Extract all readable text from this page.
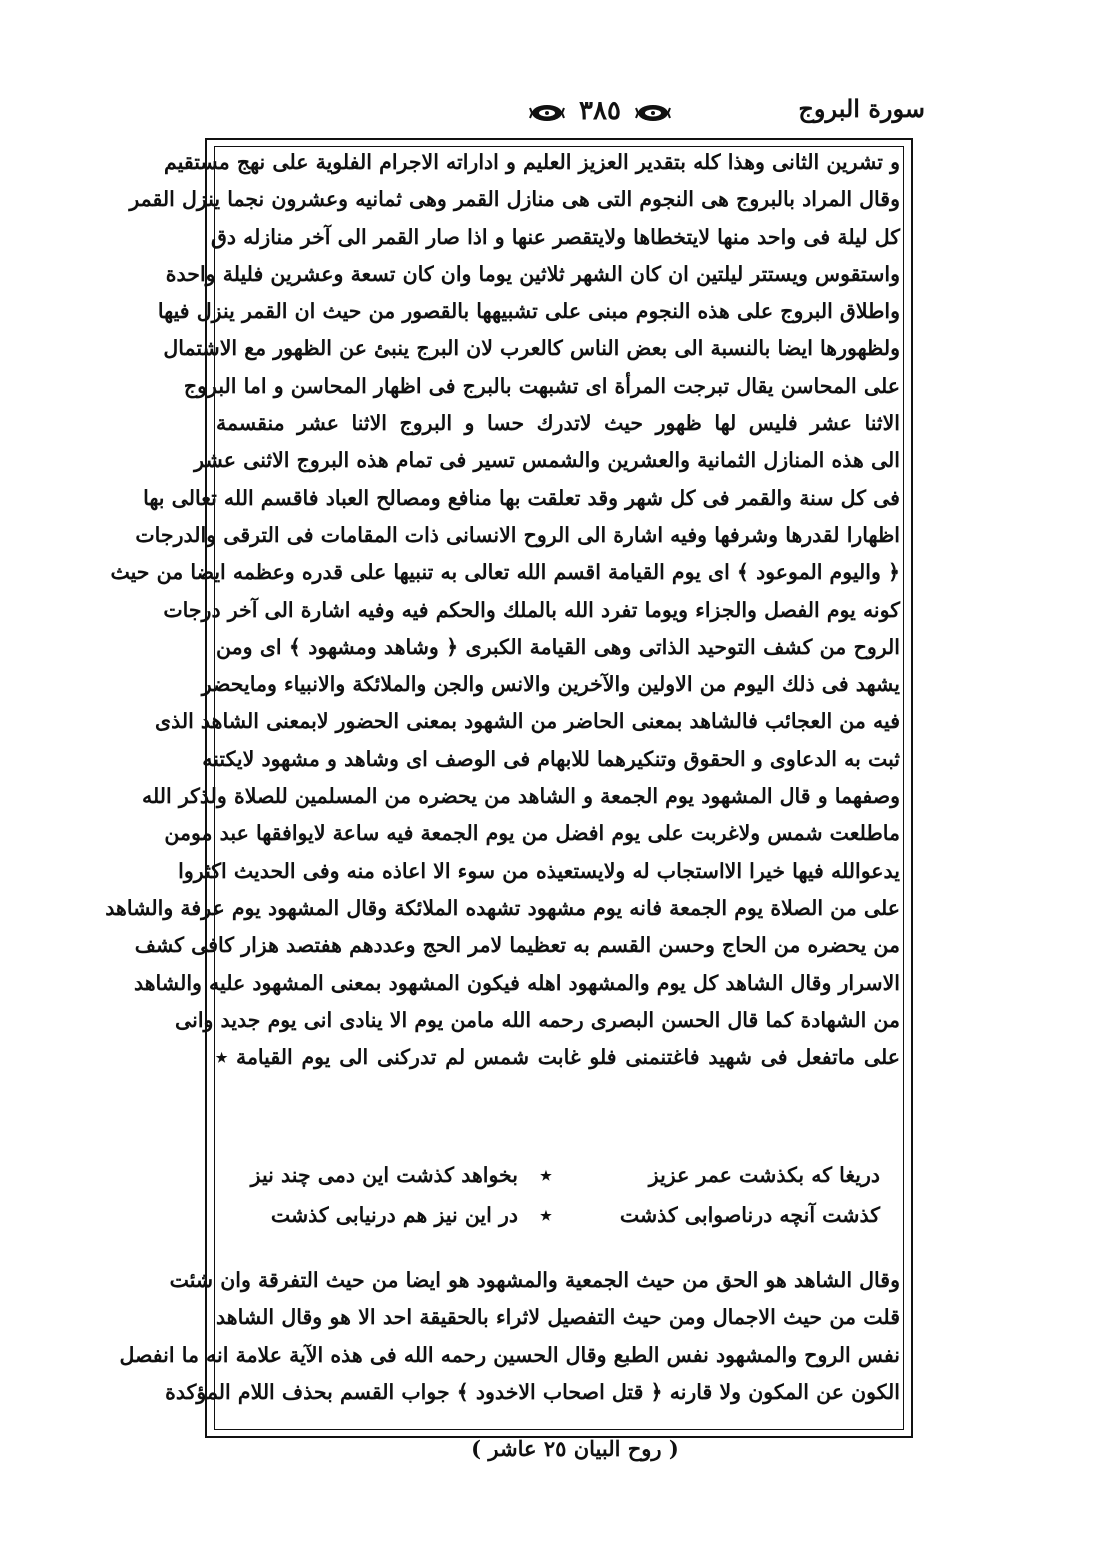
سورة البروج
٣٨٥
و تشرين الثانى وهذا كله بتقدير العزيز العليم و اداراته الاجرام الفلوية على نهج مستقيم
وقال المراد بالبروج هى النجوم التى هى منازل القمر وهى ثمانيه وعشرون نجما ينزل القمر
كل ليلة فى واحد منها لايتخطاها ولايتقصر عنها و اذا صار القمر الى آخر منازله دق
واستقوس ويستتر ليلتين ان كان الشهر ثلاثين يوما وان كان تسعة وعشرين فليلة واحدة
واطلاق البروج على هذه النجوم مبنى على تشبيهها بالقصور من حيث ان القمر ينزل فيها
ولظهورها ايضا بالنسبة الى بعض الناس كالعرب لان البرج ينبئ عن الظهور مع الاشتمال
على المحاسن يقال تبرجت المرأة اى تشبهت بالبرج فى اظهار المحاسن و اما البروج
الاثنا عشر فليس لها ظهور حيث لاتدرك حسا و البروج الاثنا عشر منقسمة
الى هذه المنازل الثمانية والعشرين والشمس تسير فى تمام هذه البروج الاثنى عشر
فى كل سنة والقمر فى كل شهر وقد تعلقت بها منافع ومصالح العباد فاقسم الله تعالى بها
اظهارا لقدرها وشرفها وفيه اشارة الى الروح الانسانى ذات المقامات فى الترقى والدرجات
﴿ واليوم الموعود ﴾ اى يوم القيامة اقسم الله تعالى به تنبيها على قدره وعظمه ايضا من حيث
كونه يوم الفصل والجزاء ويوما تفرد الله بالملك والحكم فيه وفيه اشارة الى آخر درجات
الروح من كشف التوحيد الذاتى وهى القيامة الكبرى ﴿ وشاهد ومشهود ﴾ اى ومن
يشهد فى ذلك اليوم من الاولين والآخرين والانس والجن والملائكة والانبياء ومايحضر
فيه من العجائب فالشاهد بمعنى الحاضر من الشهود بمعنى الحضور لابمعنى الشاهد الذى
ثبت به الدعاوى و الحقوق وتنكيرهما للابهام فى الوصف اى وشاهد و مشهود لايكتنه
وصفهما و قال المشهود يوم الجمعة و الشاهد من يحضره من المسلمين للصلاة ولذكر الله
ماطلعت شمس ولاغربت على يوم افضل من يوم الجمعة فيه ساعة لايوافقها عبد مومن
يدعوالله فيها خيرا الااستجاب له ولايستعيذه من سوء الا اعاذه منه وفى الحديث اكثروا
على من الصلاة يوم الجمعة فانه يوم مشهود تشهده الملائكة وقال المشهود يوم عرفة والشاهد
من يحضره من الحاج وحسن القسم به تعظيما لامر الحج وعددهم هفتصد هزار كافى كشف
الاسرار وقال الشاهد كل يوم والمشهود اهله فيكون المشهود بمعنى المشهود عليه والشاهد
من الشهادة كما قال الحسن البصرى رحمه الله مامن يوم الا ينادى انى يوم جديد وانى
على ماتفعل فى شهيد فاغتنمنى فلو غابت شمس لم تدركنى الى يوم القيامة ٭
دريغا كه بكذشت عمر عزيز
٭
بخواهد كذشت اين دمى چند نيز
كذشت آنچه درناصوابى كذشت
٭
در اين نيز هم درنيابى كذشت
وقال الشاهد هو الحق من حيث الجمعية والمشهود هو ايضا من حيث التفرقة وان شئت
قلت من حيث الاجمال ومن حيث التفصيل لاثراء بالحقيقة احد الا هو وقال الشاهد
نفس الروح والمشهود نفس الطبع وقال الحسين رحمه الله فى هذه الآية علامة انه ما انفصل
الكون عن المكون ولا قارنه ﴿ قتل اصحاب الاخدود ﴾ جواب القسم بحذف اللام المؤكدة
( روح البيان ٢٥ عاشر )
